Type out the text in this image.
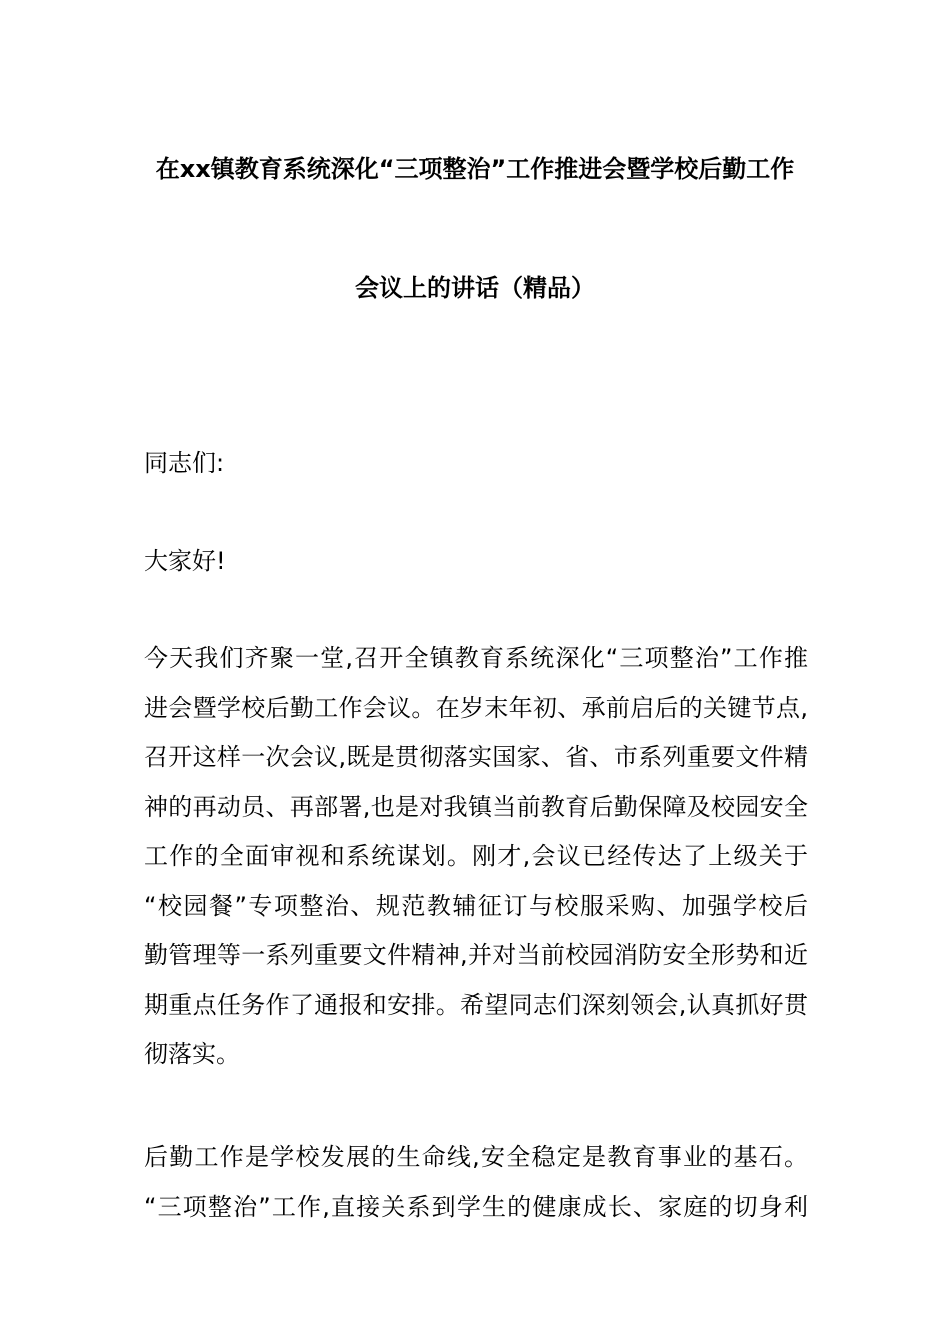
在xx镇教育系统深化“三项整治”工作推进会暨学校后勤工作
会议上的讲话（精品）

同志们:

大家好!

今天我们齐聚一堂,召开全镇教育系统深化“三项整治”工作推
进会暨学校后勤工作会议。在岁末年初、承前启后的关键节点,
召开这样一次会议,既是贯彻落实国家、省、市系列重要文件精
神的再动员、再部署,也是对我镇当前教育后勤保障及校园安全
工作的全面审视和系统谋划。刚才,会议已经传达了上级关于
“校园餐”专项整治、规范教辅征订与校服采购、加强学校后
勤管理等一系列重要文件精神,并对当前校园消防安全形势和近
期重点任务作了通报和安排。希望同志们深刻领会,认真抓好贯
彻落实。
后勤工作是学校发展的生命线,安全稳定是教育事业的基石。
“三项整治”工作,直接关系到学生的健康成长、家庭的切身利
